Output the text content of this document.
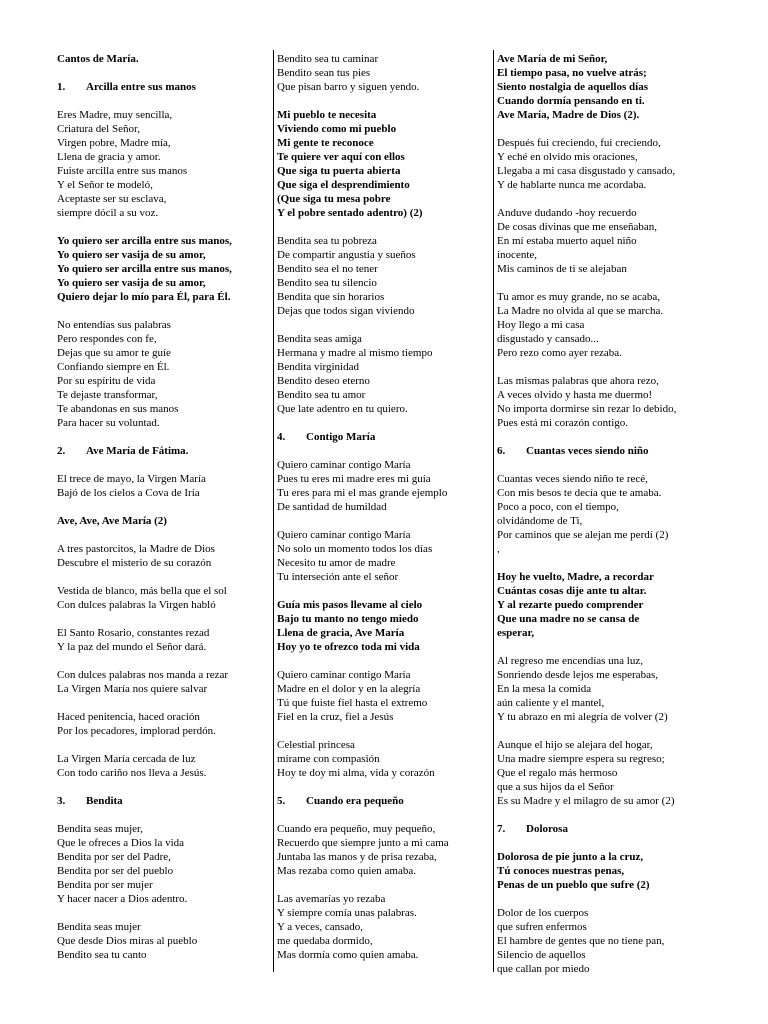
Cantos de María.
1.	Arcilla entre sus manos
Eres Madre, muy sencilla,
Criatura del Señor,
Virgen pobre, Madre mía,
Llena de gracia y amor.
Fuiste arcilla entre sus manos
Y el Señor te modeló,
Aceptaste ser su esclava,
siempre dócil a su voz.
Yo quiero ser arcilla entre sus manos,
Yo quiero ser vasija de su amor,
Yo quiero ser arcilla entre sus manos,
Yo quiero ser vasija de su amor,
Quiero dejar lo mío para Él, para Él.
No entendías sus palabras
Pero respondes con fe,
Dejas que su amor te guíe
Confiando siempre en Él.
Por su espíritu de vida
Te dejaste transformar,
Te abandonas en sus manos
Para hacer su voluntad.
2.	Ave María de Fátima.
El trece de mayo, la Virgen María
Bajó de los cielos a Cova de Iría
Ave, Ave, Ave María (2)
A tres pastorcitos, la Madre de Dios
Descubre el misterio de su corazón
Vestida de blanco, más bella que el sol
Con dulces palabras la Virgen habló
El Santo Rosario, constantes rezad
Y la paz del mundo el Señor dará.
Con dulces palabras nos manda a rezar
La Virgen María nos quiere salvar
Haced penitencia, haced oración
Por los pecadores, implorad perdón.
La Virgen María cercada de luz
Con todo cariño nos lleva a Jesús.
3.	Bendita
Bendita seas mujer,
Que le ofreces a Dios la vida
Bendita por ser del Padre,
Bendita por ser del pueblo
Bendita por ser mujer
Y hacer nacer a Dios adentro.
Bendita seas mujer
Que desde Dios miras al pueblo
Bendito sea tu canto
Bendito sea tu caminar
Bendito sean tus pies
Que pisan barro y siguen yendo.
Mi pueblo te necesita
Viviendo como mi pueblo
Mi gente te reconoce
Te quiere ver aquí con ellos
Que siga tu puerta abierta
Que siga el desprendimiento
(Que siga tu mesa pobre
Y el pobre sentado adentro) (2)
Bendita sea tu pobreza
De compartir angustia y sueños
Bendito sea el no tener
Bendito sea tu silencio
Bendita que sin horarios
Dejas que todos sigan viviendo
Bendita seas amiga
Hermana y madre al mismo tiempo
Bendita virginidad
Bendito deseo eterno
Bendito sea tu amor
Que late adentro en tu quiero.
4.	Contigo María
Quiero caminar contigo María
Pues tu eres mi madre eres mi guía
Tu eres para mi el mas grande ejemplo
De santidad de humildad
Quiero caminar contigo María
No solo un momento todos los días
Necesito tu amor de madre
Tu interseción ante el señor
Guía mis pasos llevame al cielo
Bajo tu manto no tengo miedo
Llena de gracia, Ave María
Hoy yo te ofrezco toda mi vida
Quiero caminar contigo María
Madre en el dolor y en la alegría
Tú que fuiste fiel hasta el extremo
Fiel en la cruz, fiel a Jesús
Celestial princesa
mírame con compasión
Hoy te doy mi alma, vida y corazón
5.	Cuando era pequeño
Cuando era pequeño, muy pequeño,
Recuerdo que siempre junto a mi cama
Juntaba las manos y de prisa rezaba,
Mas rezaba como quien amaba.
Las avemarías yo rezaba
Y siempre comía unas palabras.
Y a veces, cansado,
me quedaba dormido,
Mas dormía como quien amaba.
Ave María de mi Señor,
El tiempo pasa, no vuelve atrás;
Siento nostalgia de aquellos días
Cuando dormía pensando en ti.
Ave María, Madre de Dios (2).
Después fui creciendo, fui creciendo,
Y eché en olvido mis oraciones,
Llegaba a mi casa disgustado y cansado,
Y de hablarte nunca me acordaba.
Anduve dudando -hoy recuerdo
De cosas divinas que me enseñaban,
En mí estaba muerto aquel niño
inocente,
Mis caminos de ti se alejaban
Tu amor es muy grande, no se acaba,
La Madre no olvida al que se marcha.
Hoy llego a mi casa
disgustado y cansado...
Pero rezo como ayer rezaba.
Las mismas palabras que ahora rezo,
A veces olvido y hasta me duermo!
No importa dormirse sin rezar lo debido,
Pues está mi corazón contigo.
6.	Cuantas veces siendo niño
Cuantas veces siendo niño te recé,
Con mis besos te decía que te amaba.
Poco a poco, con el tiempo,
olvidándome de Ti,
Por caminos que se alejan me perdí (2)
,
Hoy he vuelto, Madre, a recordar
Cuántas cosas dije ante tu altar.
Y al rezarte puedo comprender
Que una madre no se cansa de
esperar,
Al regreso me encendías una luz,
Sonriendo desde lejos me esperabas,
En la mesa la comida
aún caliente y el mantel,
Y tu abrazo en mi alegría de volver (2)
Aunque el hijo se alejara del hogar,
Una madre siempre espera su regreso;
Que el regalo más hermoso
que a sus hijos da el Señor
Es su Madre y el milagro de su amor (2)
7.	Dolorosa
Dolorosa de pie junto a la cruz,
Tú conoces nuestras penas,
Penas de un pueblo que sufre (2)
Dolor de los cuerpos
que sufren enfermos
El hambre de gentes que no tiene pan,
Silencio de aquellos
que callan por miedo
